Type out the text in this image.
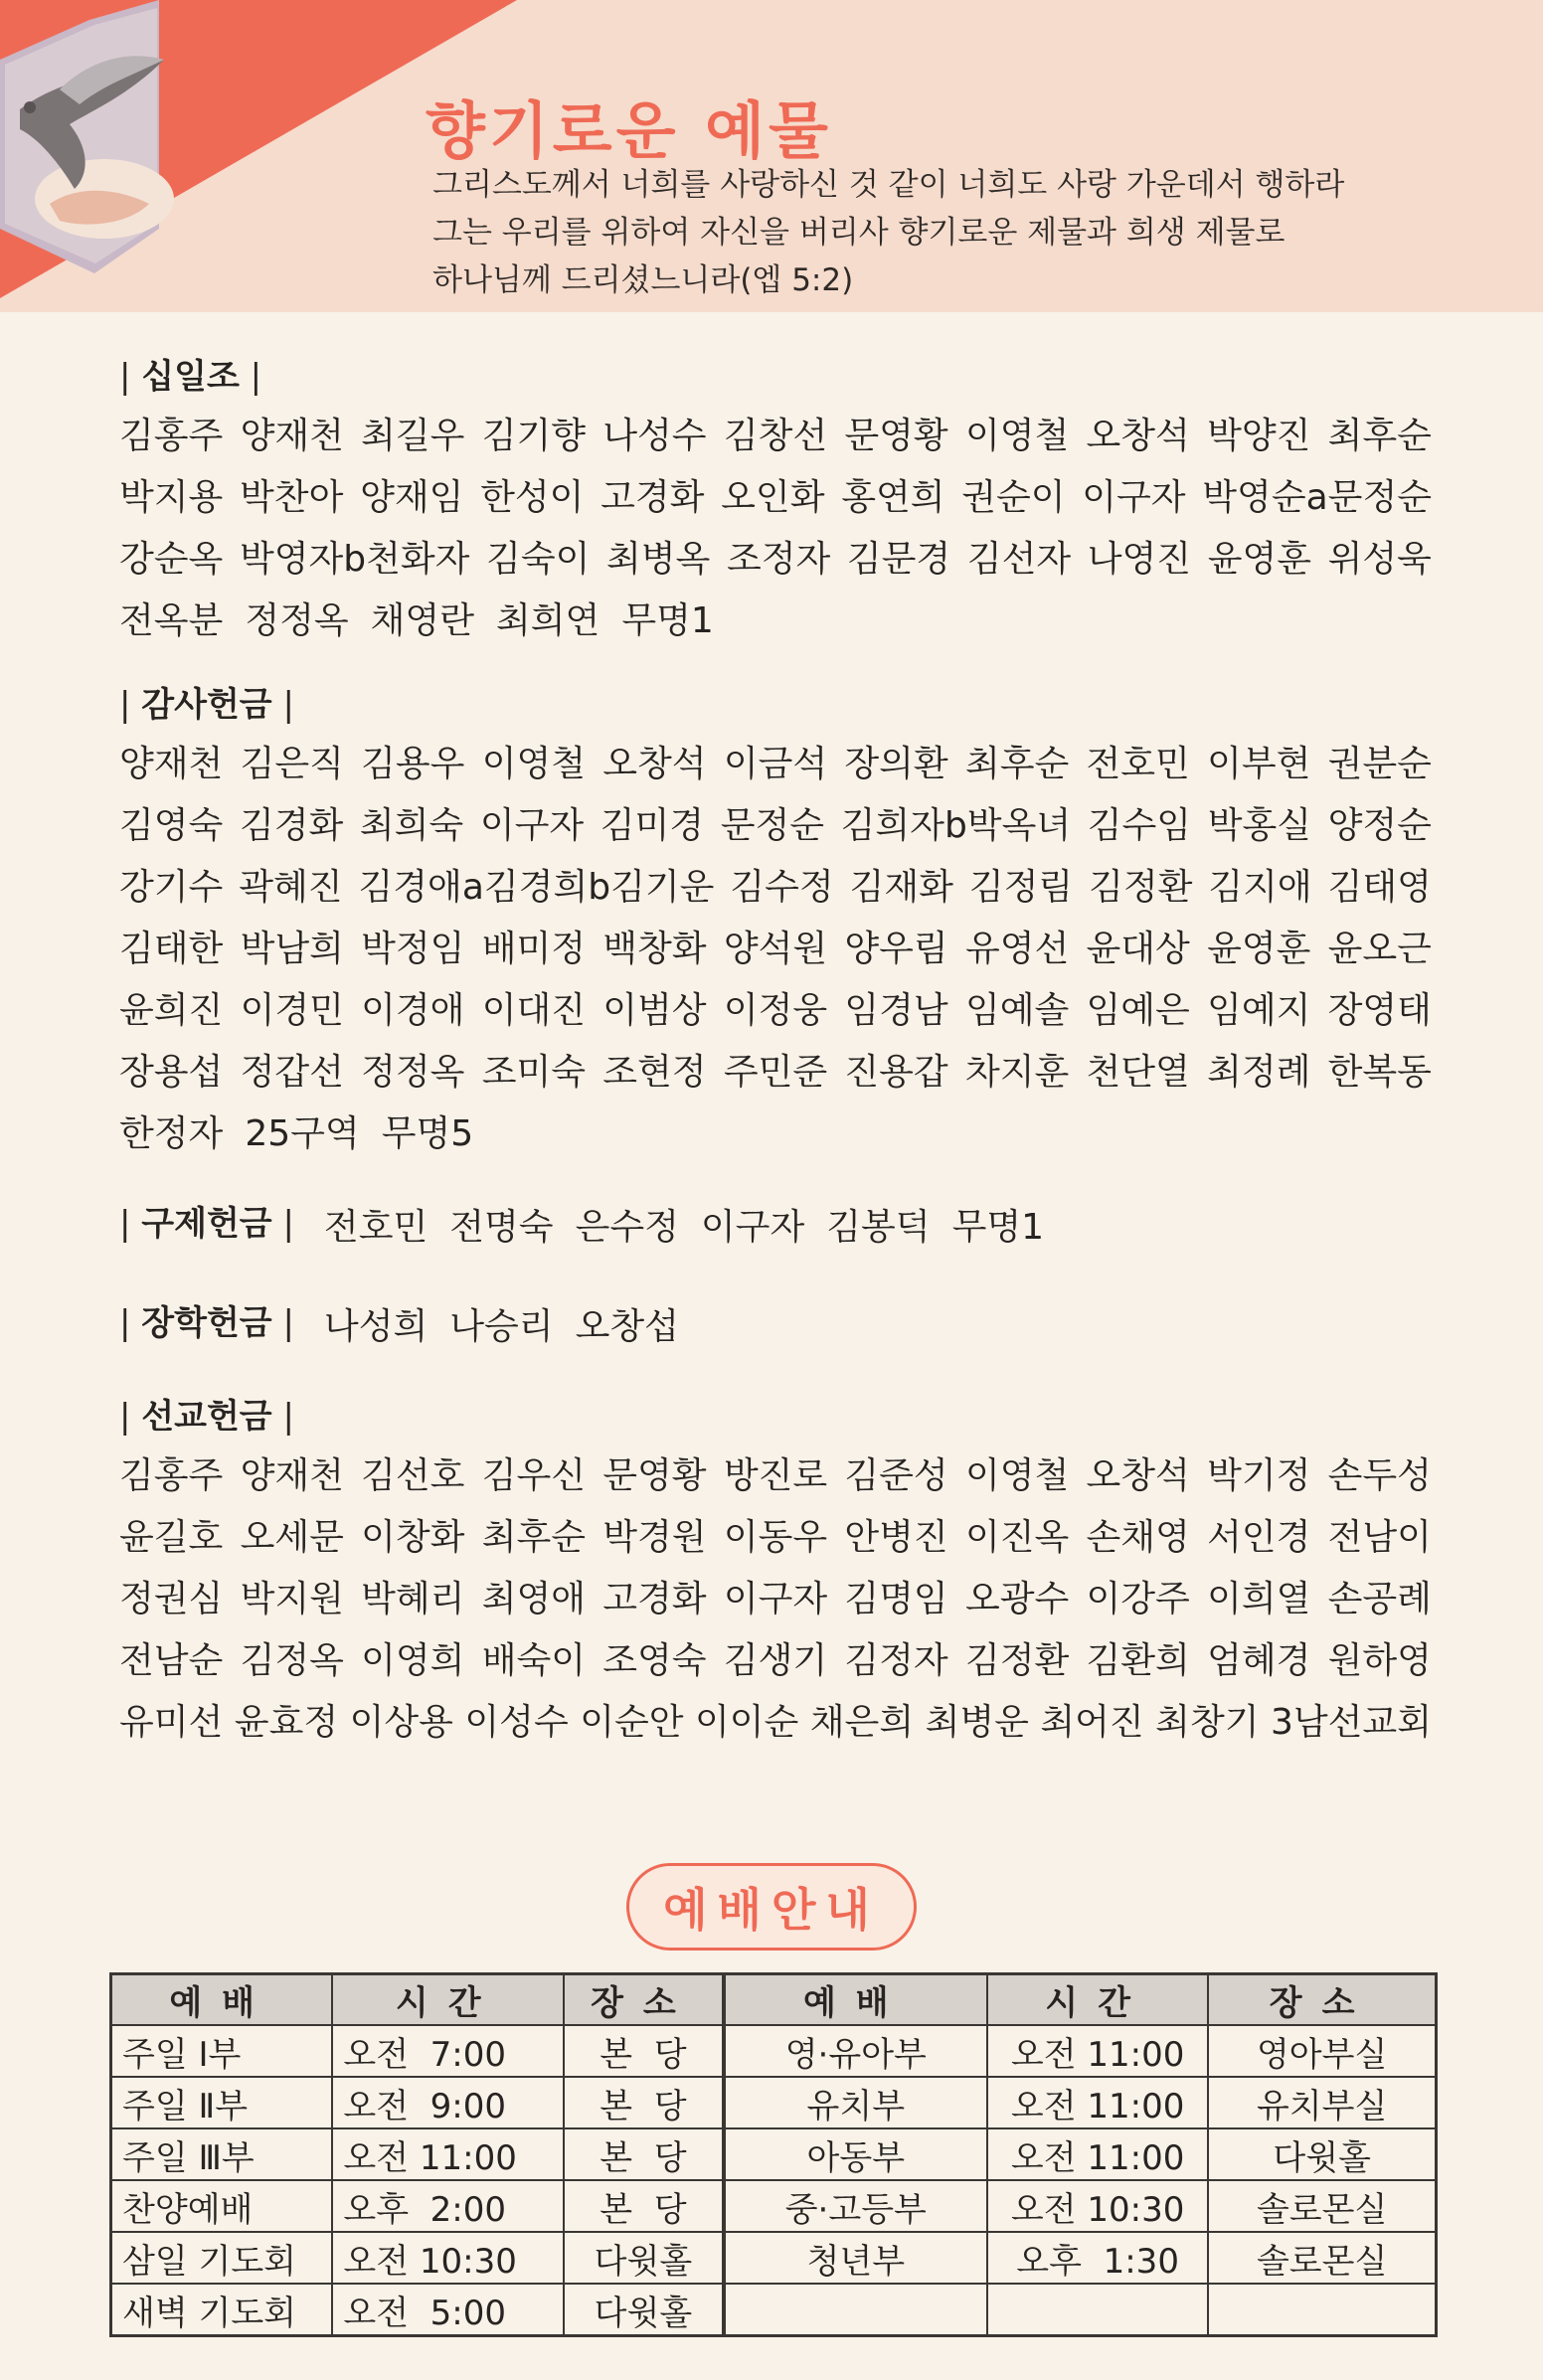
향기로운 예물
그리스도께서 너희를 사랑하신 것 같이 너희도 사랑 가운데서 행하라
그는 우리를 위하여 자신을 버리사 향기로운 제물과 희생 제물로
하나님께 드리셨느니라(엡 5:2)
| 십일조 |
김홍주 양재천 최길우 김기향 나성수 김창선 문영황 이영철 오창석 박양진 최후순
박지용 박찬아 양재임 한성이 고경화 오인화 홍연희 권순이 이구자 박영순a문정순
강순옥 박영자b천화자 김숙이 최병옥 조정자 김문경 김선자 나영진 윤영훈 위성욱
전옥분 정정옥 채영란 최희연 무명1
| 감사헌금 |
양재천 김은직 김용우 이영철 오창석 이금석 장의환 최후순 전호민 이부현 권분순
김영숙 김경화 최희숙 이구자 김미경 문정순 김희자b박옥녀 김수임 박홍실 양정순
강기수 곽혜진 김경애a김경희b김기운 김수정 김재화 김정림 김정환 김지애 김태영
김태한 박남희 박정임 배미정 백창화 양석원 양우림 유영선 윤대상 윤영훈 윤오근
윤희진 이경민 이경애 이대진 이범상 이정웅 임경남 임예솔 임예은 임예지 장영태
장용섭 정갑선 정정옥 조미숙 조현정 주민준 진용갑 차지훈 천단열 최정례 한복동
한정자 25구역 무명5
| 구제헌금 | 전호민 전명숙 은수정 이구자 김봉덕 무명1
| 장학헌금 | 나성희 나승리 오창섭
| 선교헌금 |
김홍주 양재천 김선호 김우신 문영황 방진로 김준성 이영철 오창석 박기정 손두성
윤길호 오세문 이창화 최후순 박경원 이동우 안병진 이진옥 손채영 서인경 전남이
정권심 박지원 박혜리 최영애 고경화 이구자 김명임 오광수 이강주 이희열 손공례
전남순 김정옥 이영희 배숙이 조영숙 김생기 김정자 김정환 김환희 엄혜경 원하영
유미선 윤효정 이상용 이성수 이순안 이이순 채은희 최병운 최어진 최창기 3남선교회
예배안내
예배	시간	장소	예배	시간	장소
주일 Ⅰ부	오전  7:00	본  당	영·유아부	오전 11:00	영아부실
주일 Ⅱ부	오전  9:00	본  당	유치부	오전 11:00	유치부실
주일 Ⅲ부	오전 11:00	본  당	아동부	오전 11:00	다윗홀
찬양예배	오후  2:00	본  당	중·고등부	오전 10:30	솔로몬실
삼일 기도회	오전 10:30	다윗홀	청년부	오후  1:30	솔로몬실
새벽 기도회	오전  5:00	다윗홀			
